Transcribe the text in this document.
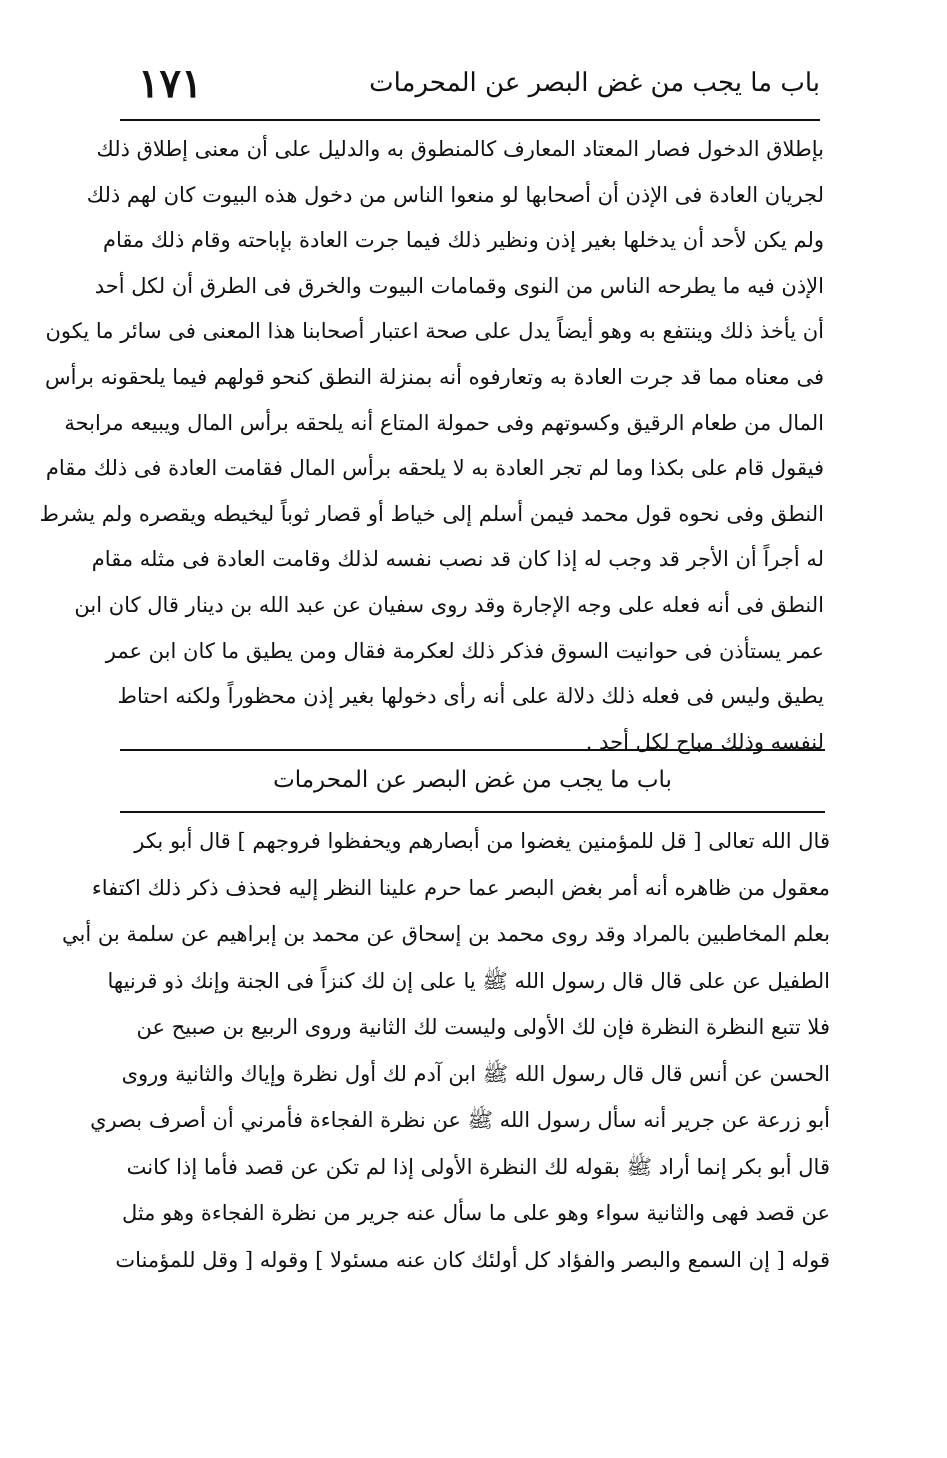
باب ما يجب من غض البصر عن المحرمات
١٧١
بإطلاق الدخول فصار المعتاد المعارف كالمنطوق به والدليل على أن معنى إطلاق ذلك
لجريان العادة فى الإذن أن أصحابها لو منعوا الناس من دخول هذه البيوت كان لهم ذلك
ولم يكن لأحد أن يدخلها بغير إذن ونظير ذلك فيما جرت العادة بإباحته وقام ذلك مقام
الإذن فيه ما يطرحه الناس من النوى وقمامات البيوت والخرق فى الطرق أن لكل أحد
أن يأخذ ذلك وينتفع به وهو أيضاً يدل على صحة اعتبار أصحابنا هذا المعنى فى سائر ما يكون
فى معناه مما قد جرت العادة به وتعارفوه أنه بمنزلة النطق كنحو قولهم فيما يلحقونه برأس
المال من طعام الرقيق وكسوتهم وفى حمولة المتاع أنه يلحقه برأس المال ويبيعه مرابحة
فيقول قام على بكذا وما لم تجر العادة به لا يلحقه برأس المال فقامت العادة فى ذلك مقام
النطق وفى نحوه قول محمد فيمن أسلم إلى خياط أو قصار ثوباً ليخيطه ويقصره ولم يشرط
له أجراً أن الأجر قد وجب له إذا كان قد نصب نفسه لذلك وقامت العادة فى مثله مقام
النطق فى أنه فعله على وجه الإجارة وقد روى سفيان عن عبد الله بن دينار قال كان ابن
عمر يستأذن فى حوانيت السوق فذكر ذلك لعكرمة فقال ومن يطيق ما كان ابن عمر
يطيق وليس فى فعله ذلك دلالة على أنه رأى دخولها بغير إذن محظوراً ولكنه احتاط
لنفسه وذلك مباح لكل أحد .
باب ما يجب من غض البصر عن المحرمات
قال الله تعالى [ قل للمؤمنين يغضوا من أبصارهم ويحفظوا فروجهم ] قال أبو بكر
معقول من ظاهره أنه أمر بغض البصر عما حرم علينا النظر إليه فحذف ذكر ذلك اكتفاء
بعلم المخاطبين بالمراد وقد روى محمد بن إسحاق عن محمد بن إبراهيم عن سلمة بن أبي
الطفيل عن على قال قال رسول الله ﷺ يا على إن لك كنزاً فى الجنة وإنك ذو قرنيها
فلا تتبع النظرة النظرة فإن لك الأولى وليست لك الثانية وروى الربيع بن صبيح عن
الحسن عن أنس قال قال رسول الله ﷺ ابن آدم لك أول نظرة وإياك والثانية وروى
أبو زرعة عن جرير أنه سأل رسول الله ﷺ عن نظرة الفجاءة فأمرني أن أصرف بصري
قال أبو بكر إنما أراد ﷺ بقوله لك النظرة الأولى إذا لم تكن عن قصد فأما إذا كانت
عن قصد فهى والثانية سواء وهو على ما سأل عنه جرير من نظرة الفجاءة وهو مثل
قوله [ إن السمع والبصر والفؤاد كل أولئك كان عنه مسئولا ] وقوله [ وقل للمؤمنات
